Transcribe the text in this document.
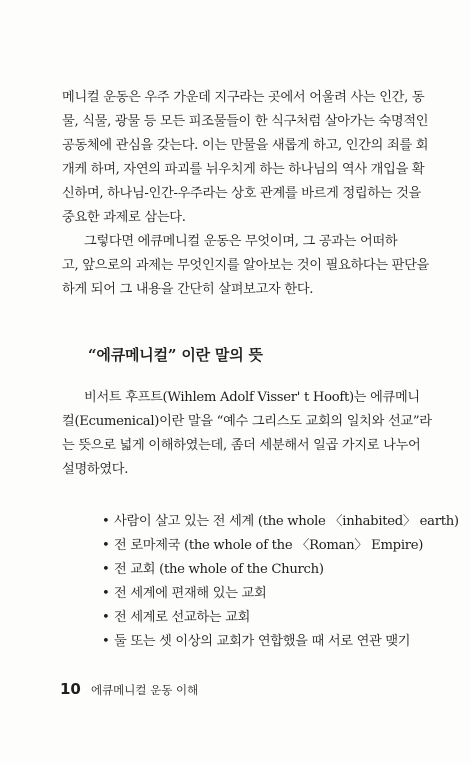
메니컬 운동은 우주 가운데 지구라는 곳에서 어울려 사는 인간, 동
물, 식물, 광물 등 모든 피조물들이 한 식구처럼 살아가는 숙명적인
공동체에 관심을 갖는다. 이는 만물을 새롭게 하고, 인간의 죄를 회
개케 하며, 자연의 파괴를 뉘우치게 하는 하나님의 역사 개입을 확
신하며, 하나님-인간-우주라는 상호 관계를 바르게 정립하는 것을
중요한 과제로 삼는다.

그렇다면 에큐메니컬 운동은 무엇이며, 그 공과는 어떠하
고, 앞으로의 과제는 무엇인지를 알아보는 것이 필요하다는 판단을
하게 되어 그 내용을 간단히 살펴보고자 한다.

“에큐메니컬” 이란 말의 뜻

비서트 후프트(Wihlem Adolf Visser' t Hooft)는 에큐메니
컬(Ecumenical)이란 말을 “예수 그리스도 교회의 일치와 선교”라
는 뜻으로 넓게 이해하였는데, 좀더 세분해서 일곱 가지로 나누어
설명하였다.

• 사람이 살고 있는 전 세계 (the whole 〈inhabited〉 earth)
• 전 로마제국 (the whole of the 〈Roman〉 Empire)
• 전 교회 (the whole of the Church)
• 전 세계에 편재해 있는 교회
• 전 세계로 선교하는 교회
• 둘 또는 셋 이상의 교회가 연합했을 때 서로 연관 맺기
10 에큐메니컬 운동 이해
